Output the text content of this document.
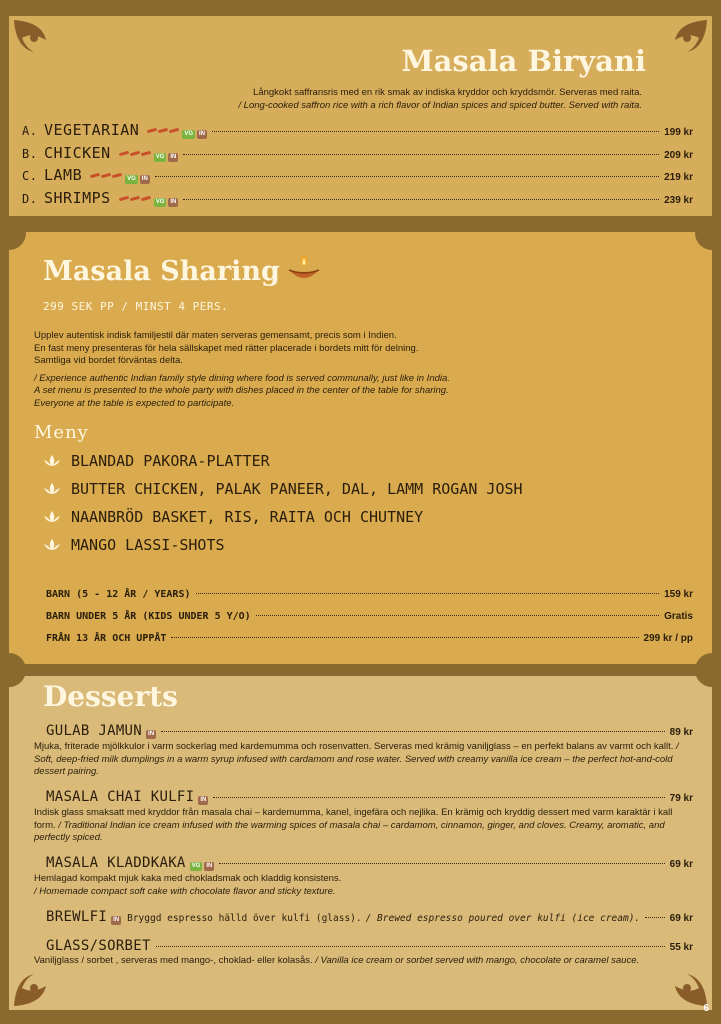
Masala Biryani
Långkokt saffransris med en rik smak av indiska kryddor och kryddsmör. Serveras med raita.
/ Long-cooked saffron rice with a rich flavor of Indian spices and spiced butter. Served with raita.
A. VEGETARIAN	VG	IN	199 kr
B. CHICKEN	VG	IN	209 kr
C. LAMB	VG	IN	219 kr
D. SHRIMPS	VG	IN	239 kr
Masala Sharing
299 SEK PP / MINST 4 PERS.
Upplev autentisk indisk familjestil där maten serveras gemensamt, precis som i Indien.
En fast meny presenteras för hela sällskapet med rätter placerade i bordets mitt för delning.
Samtliga vid bordet förväntas delta.
/ Experience authentic Indian family style dining where food is served communally, just like in India.
A set menu is presented to the whole party with dishes placed in the center of the table for sharing.
Everyone at the table is expected to participate.
Meny
BLANDAD PAKORA-PLATTER
BUTTER CHICKEN, PALAK PANEER, DAL, LAMM ROGAN JOSH
NAANBRÖD BASKET, RIS, RAITA OCH CHUTNEY
MANGO LASSI-SHOTS
BARN (5 - 12 ÅR / YEARS)	159 kr
BARN UNDER 5 ÅR (KIDS UNDER 5 Y/O)	Gratis
FRÅN 13 ÅR OCH UPPÅT	299 kr / pp
Desserts
GULAB JAMUN	IN	89 kr
Mjuka, friterade mjölkkulor i varm sockerlag med kardemumma och rosenvatten. Serveras med krämig vaniljglass – en perfekt balans av varmt och kallt. / Soft, deep-fried milk dumplings in a warm syrup infused with cardamom and rose water. Served with creamy vanilla ice cream – the perfect hot-and-cold dessert pairing.
MASALA CHAI KULFI	IN	79 kr
Indisk glass smaksatt med kryddor från masala chai – kardemumma, kanel, ingefära och nejlika. En krämig och kryddig dessert med varm karaktär i kall form. / Traditional Indian ice cream infused with the warming spices of masala chai – cardamom, cinnamon, ginger, and cloves. Creamy, aromatic, and perfectly spiced.
MASALA KLADDKAKA	VG	IN	69 kr
Hemlagad kompakt mjuk kaka med chokladsmak och kladdig konsistens.
/ Homemade compact soft cake with chocolate flavor and sticky texture.
BREWLFI	IN Bryggd espresso hälld över kulfi (glass). / Brewed espresso poured over kulfi (ice cream).	69 kr
GLASS/SORBET	55 kr
Vaniljglass / sorbet , serveras med mango-, choklad- eller kolasås. / Vanilla ice cream or sorbet served with mango, chocolate or caramel sauce.
6
